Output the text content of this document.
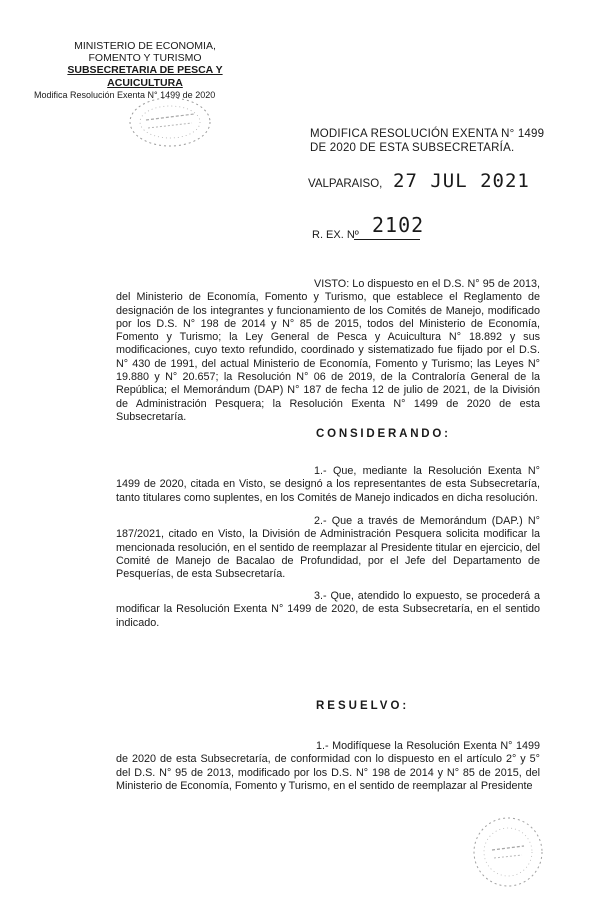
MINISTERIO DE ECONOMIA,
FOMENTO Y TURISMO
SUBSECRETARIA DE PESCA Y
ACUICULTURA
Modifica Resolución Exenta N° 1499 de 2020
MODIFICA RESOLUCIÓN EXENTA N° 1499
DE 2020 DE ESTA SUBSECRETARÍA.
VALPARAISO, 27 JUL 2021
R. EX. Nº 2102
VISTO: Lo dispuesto en el D.S. N° 95 de 2013, del Ministerio de Economía, Fomento y Turismo, que establece el Reglamento de designación de los integrantes y funcionamiento de los Comités de Manejo, modificado por los D.S. N° 198 de 2014 y N° 85 de 2015, todos del Ministerio de Economía, Fomento y Turismo; la Ley General de Pesca y Acuicultura N° 18.892 y sus modificaciones, cuyo texto refundido, coordinado y sistematizado fue fijado por el D.S. N° 430 de 1991, del actual Ministerio de Economía, Fomento y Turismo; las Leyes N° 19.880 y N° 20.657; la Resolución N° 06 de 2019, de la Contraloría General de la República; el Memorándum (DAP) N° 187 de fecha 12 de julio de 2021, de la División de Administración Pesquera; la Resolución Exenta N° 1499 de 2020 de esta Subsecretaría.
CONSIDERANDO:
1.- Que, mediante la Resolución Exenta N° 1499 de 2020, citada en Visto, se designó a los representantes de esta Subsecretaría, tanto titulares como suplentes, en los Comités de Manejo indicados en dicha resolución.
2.- Que a través de Memorándum (DAP.) N° 187/2021, citado en Visto, la División de Administración Pesquera solicita modificar la mencionada resolución, en el sentido de reemplazar al Presidente titular en ejercicio, del Comité de Manejo de Bacalao de Profundidad, por el Jefe del Departamento de Pesquerías, de esta Subsecretaría.
3.- Que, atendido lo expuesto, se procederá a modificar la Resolución Exenta N° 1499 de 2020, de esta Subsecretaría, en el sentido indicado.
RESUELVO:
1.- Modifíquese la Resolución Exenta N° 1499 de 2020 de esta Subsecretaría, de conformidad con lo dispuesto en el artículo 2° y 5° del D.S. N° 95 de 2013, modificado por los D.S. N° 198 de 2014 y N° 85 de 2015, del Ministerio de Economía, Fomento y Turismo, en el sentido de reemplazar al Presidente
